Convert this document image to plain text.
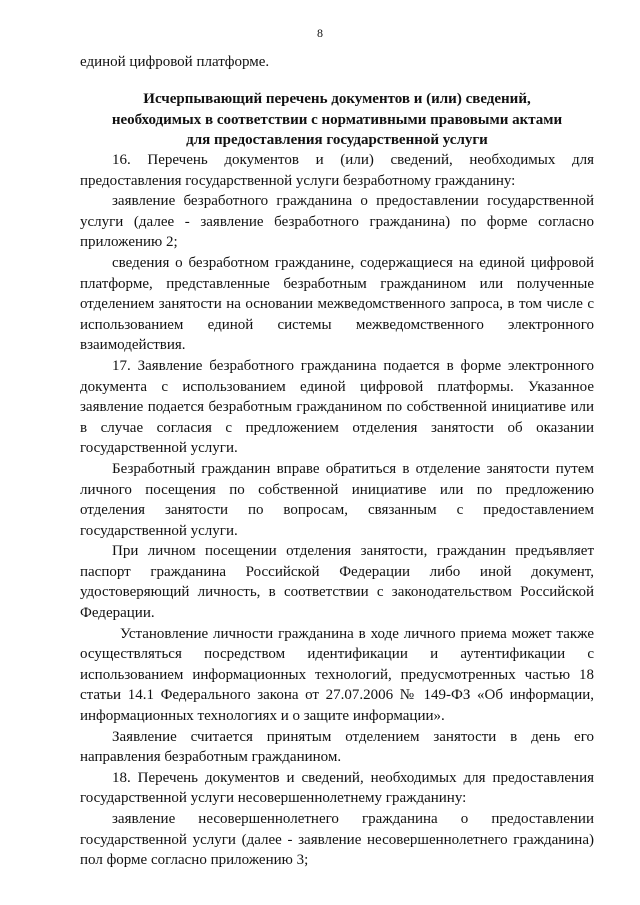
8

единой цифровой платформе.

Исчерпывающий перечень документов и (или) сведений,

необходимых в соответствии с нормативными правовыми актами

для предоставления государственной услуги

16. Перечень документов и (или) сведений, необходимых для предоставления государственной услуги безработному гражданину:

заявление безработного гражданина о предоставлении государственной услуги (далее - заявление безработного гражданина) по форме согласно приложению 2;

сведения о безработном гражданине, содержащиеся на единой цифровой платформе, представленные безработным гражданином или полученные отделением занятости на основании межведомственного запроса, в том числе с использованием единой системы межведомственного электронного взаимодействия.

17. Заявление безработного гражданина подается в форме электронного документа с использованием единой цифровой платформы. Указанное заявление подается безработным гражданином по собственной инициативе или в случае согласия с предложением отделения занятости об оказании государственной услуги.

Безработный гражданин вправе обратиться в отделение занятости путем личного посещения по собственной инициативе или по предложению отделения занятости по вопросам, связанным с предоставлением государственной услуги.

При личном посещении отделения занятости, гражданин предъявляет паспорт гражданина Российской Федерации либо иной документ, удостоверяющий личность, в соответствии с законодательством Российской Федерации.

Установление личности гражданина в ходе личного приема может также осуществляться посредством идентификации и аутентификации с использованием информационных технологий, предусмотренных частью 18 статьи 14.1 Федерального закона от 27.07.2006 № 149-ФЗ «Об информации, информационных технологиях и о защите информации».

Заявление считается принятым отделением занятости в день его направления безработным гражданином.

18. Перечень документов и сведений, необходимых для предоставления государственной услуги несовершеннолетнему гражданину:

заявление несовершеннолетнего гражданина о предоставлении государственной услуги (далее - заявление несовершеннолетнего гражданина) пол форме согласно приложению 3;
